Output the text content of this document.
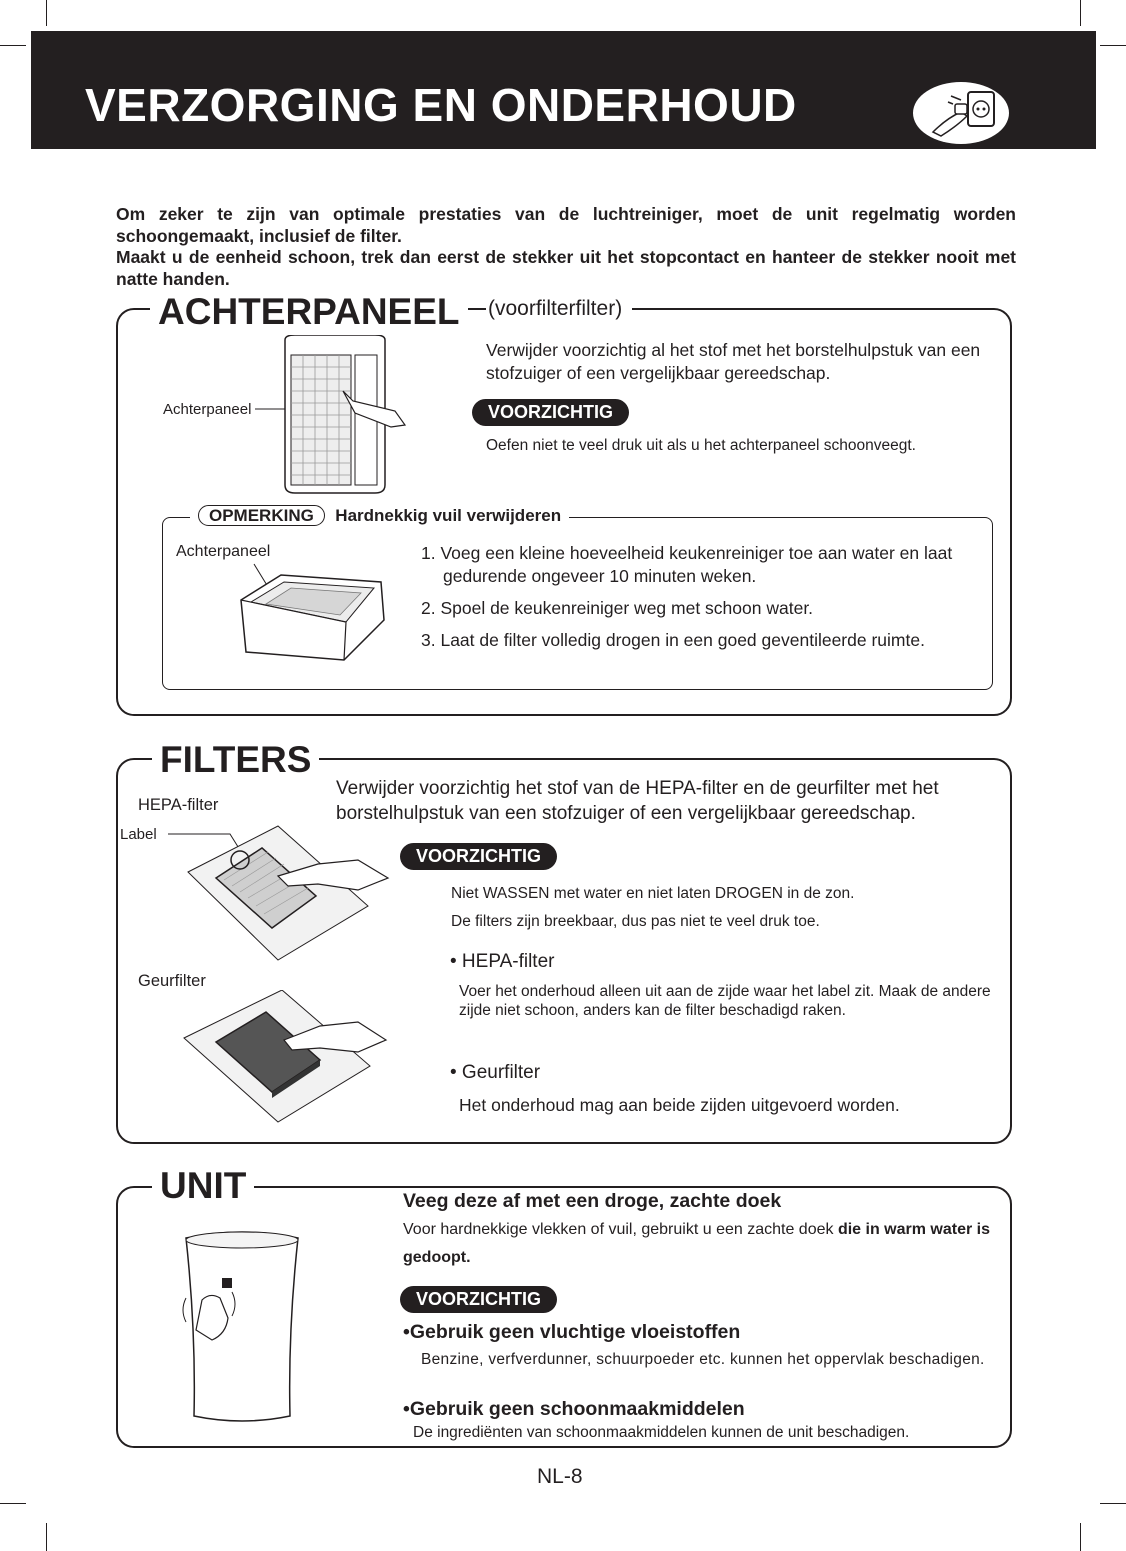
VERZORGING EN ONDERHOUD

Om zeker te zijn van optimale prestaties van de luchtreiniger, moet de unit regelmatig worden schoongemaakt, inclusief de filter.

Maakt u de eenheid schoon, trek dan eerst de stekker uit het stopcontact en hanteer de stekker nooit met natte handen.

ACHTERPANEEL	(voorfilterfilter)
Achterpaneel
Verwijder voorzichtig al het stof met het borstelhulpstuk van een stofzuiger of een vergelijkbaar gereedschap.
VOORZICHTIG
Oefen niet te veel druk uit als u het achterpaneel schoonveegt.
OPMERKING Hardnekkig vuil verwijderen
Achterpaneel	1. Voeg een kleine hoeveelheid keukenreiniger toe aan water en laat gedurende ongeveer 10 minuten weken.
2. Spoel de keukenreiniger weg met schoon water.
3. Laat de filter volledig drogen in een goed geventileerde ruimte.
FILTERS
Verwijder voorzichtig het stof van de HEPA-filter en de geurfilter met het borstelhulpstuk van een stofzuiger of een vergelijkbaar gereedschap.
HEPA-filter
Label
Geurfilter
VOORZICHTIG
Niet WASSEN met water en niet laten DROGEN in de zon.
De filters zijn breekbaar, dus pas niet te veel druk toe.
• HEPA-filter
Voer het onderhoud alleen uit aan de zijde waar het label zit. Maak de andere zijde niet schoon, anders kan de filter beschadigd raken.
• Geurfilter
Het onderhoud mag aan beide zijden uitgevoerd worden.
UNIT	Veeg deze af met een droge, zachte doek
Voor hardnekkige vlekken of vuil, gebruikt u een zachte doek die in warm water is gedoopt.
VOORZICHTIG
•Gebruik geen vluchtige vloeistoffen
Benzine, verfverdunner, schuurpoeder etc. kunnen het oppervlak beschadigen.
•Gebruik geen schoonmaakmiddelen
De ingrediënten van schoonmaakmiddelen kunnen de unit beschadigen.
NL-8
